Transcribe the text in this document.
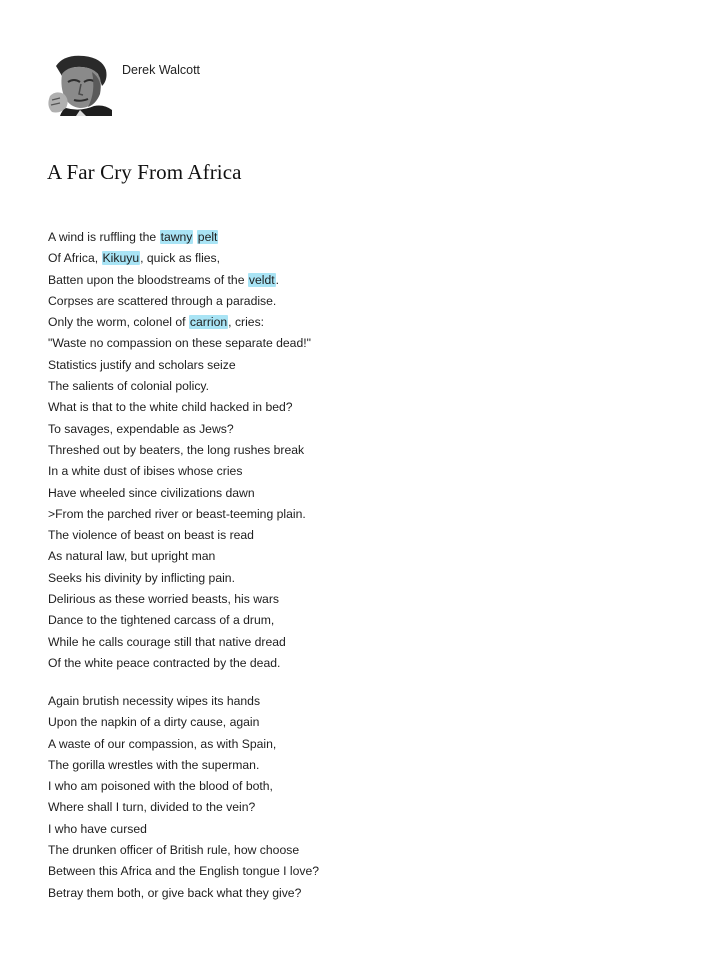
Derek Walcott
A Far Cry From Africa
A wind is ruffling the tawny pelt
Of Africa, Kikuyu, quick as flies,
Batten upon the bloodstreams of the veldt.
Corpses are scattered through a paradise.
Only the worm, colonel of carrion, cries:
"Waste no compassion on these separate dead!"
Statistics justify and scholars seize
The salients of colonial policy.
What is that to the white child hacked in bed?
To savages, expendable as Jews?
Threshed out by beaters, the long rushes break
In a white dust of ibises whose cries
Have wheeled since civilizations dawn
>From the parched river or beast-teeming plain.
The violence of beast on beast is read
As natural law, but upright man
Seeks his divinity by inflicting pain.
Delirious as these worried beasts, his wars
Dance to the tightened carcass of a drum,
While he calls courage still that native dread
Of the white peace contracted by the dead.
Again brutish necessity wipes its hands
Upon the napkin of a dirty cause, again
A waste of our compassion, as with Spain,
The gorilla wrestles with the superman.
I who am poisoned with the blood of both,
Where shall I turn, divided to the vein?
I who have cursed
The drunken officer of British rule, how choose
Between this Africa and the English tongue I love?
Betray them both, or give back what they give?
